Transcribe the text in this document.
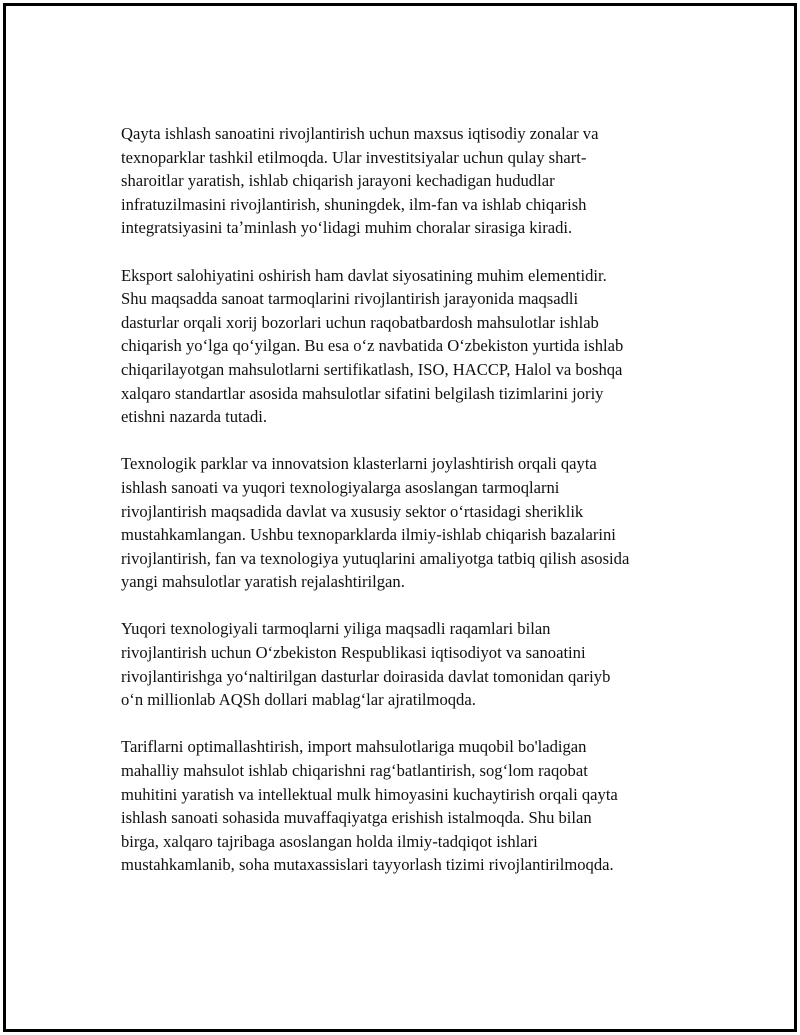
Qayta ishlash sanoatini rivojlantirish uchun maxsus iqtisodiy zonalar va
texnoparklar tashkil etilmoqda. Ular investitsiyalar uchun qulay shart-
sharoitlar yaratish, ishlab chiqarish jarayoni kechadigan hududlar
infratuzilmasini rivojlantirish, shuningdek, ilm-fan va ishlab chiqarish
integratsiyasini taʼminlash yoʻlidagi muhim choralar sirasiga kiradi.

Eksport salohiyatini oshirish ham davlat siyosatining muhim elementidir.
Shu maqsadda sanoat tarmoqlarini rivojlantirish jarayonida maqsadli
dasturlar orqali xorij bozorlari uchun raqobatbardosh mahsulotlar ishlab
chiqarish yoʻlga qoʻyilgan. Bu esa oʻz navbatida Oʻzbekiston yurtida ishlab
chiqarilayotgan mahsulotlarni sertifikatlash, ISO, HACCP, Halol va boshqa
xalqaro standartlar asosida mahsulotlar sifatini belgilash tizimlarini joriy
etishni nazarda tutadi.

Texnologik parklar va innovatsion klasterlarni joylashtirish orqali qayta
ishlash sanoati va yuqori texnologiyalarga asoslangan tarmoqlarni
rivojlantirish maqsadida davlat va xususiy sektor oʻrtasidagi sheriklik
mustahkamlangan. Ushbu texnoparklarda ilmiy-ishlab chiqarish bazalarini
rivojlantirish, fan va texnologiya yutuqlarini amaliyotga tatbiq qilish asosida
yangi mahsulotlar yaratish rejalashtirilgan.

Yuqori texnologiyali tarmoqlarni yiliga maqsadli raqamlari bilan
rivojlantirish uchun Oʻzbekiston Respublikasi iqtisodiyot va sanoatini
rivojlantirishga yoʻnaltirilgan dasturlar doirasida davlat tomonidan qariyb
oʻn millionlab AQSh dollari mablagʻlar ajratilmoqda.

Tariflarni optimallashtirish, import mahsulotlariga muqobil bo'ladigan
mahalliy mahsulot ishlab chiqarishni ragʻbatlantirish, sogʻlom raqobat
muhitini yaratish va intellektual mulk himoyasini kuchaytirish orqali qayta
ishlash sanoati sohasida muvaffaqiyatga erishish istalmoqda. Shu bilan
birga, xalqaro tajribaga asoslangan holda ilmiy-tadqiqot ishlari
mustahkamlanib, soha mutaxassislari tayyorlash tizimi rivojlantirilmoqda.
